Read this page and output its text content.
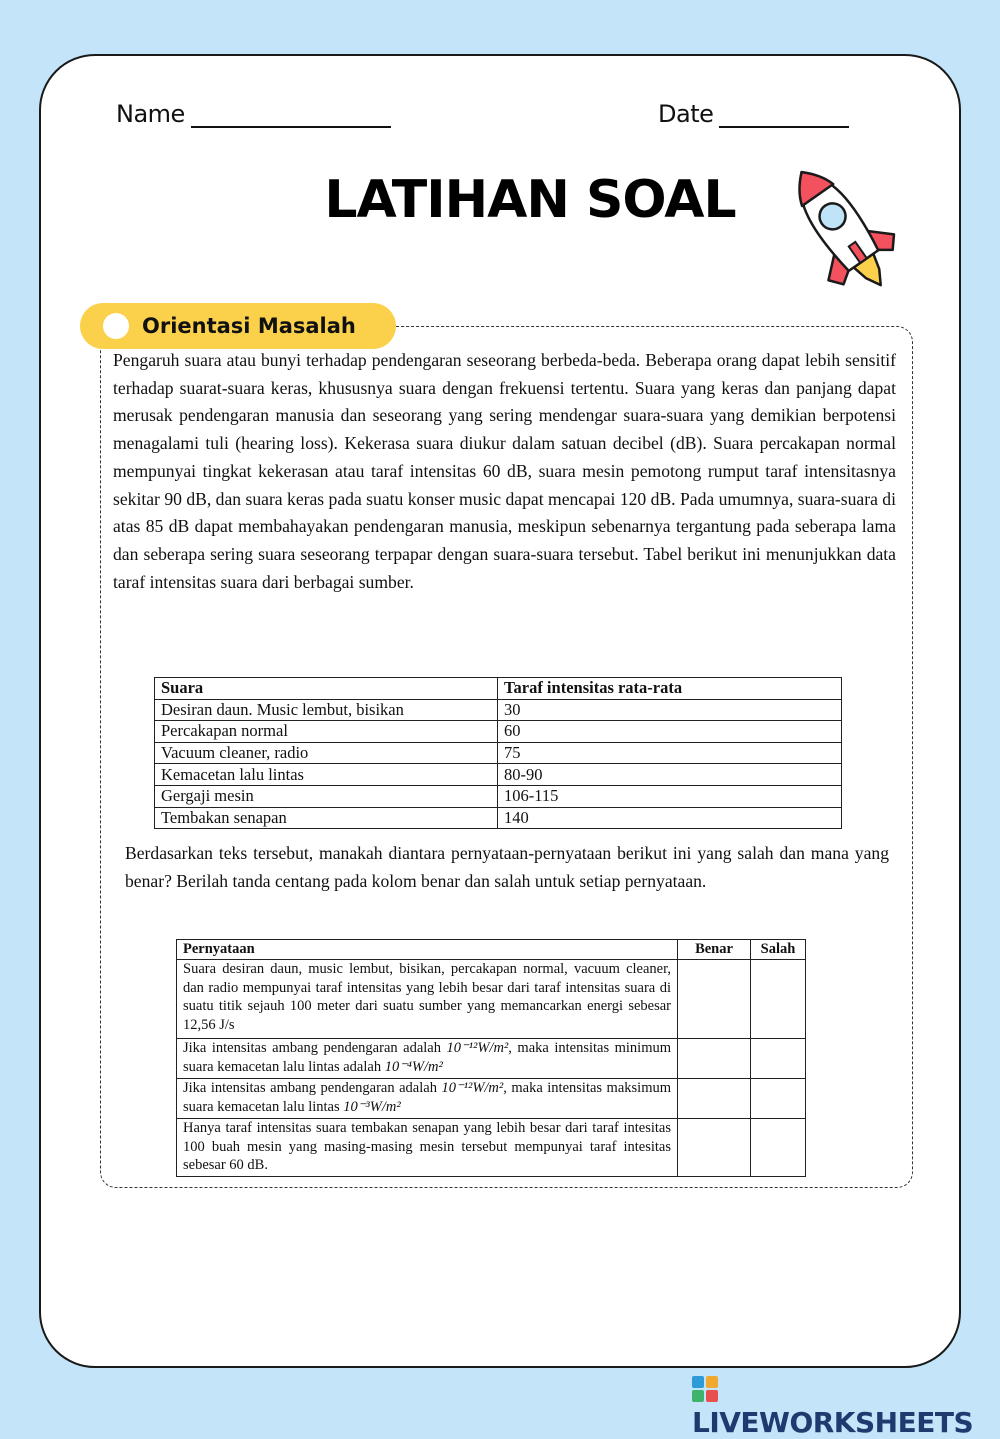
Name	Date
LATIHAN SOAL
Orientasi Masalah
Pengaruh suara atau bunyi terhadap pendengaran seseorang berbeda-beda. Beberapa orang dapat lebih sensitif terhadap suarat-suara keras, khususnya suara dengan frekuensi tertentu. Suara yang keras dan panjang dapat merusak pendengaran manusia dan seseorang yang sering mendengar suara-suara yang demikian berpotensi menagalami tuli (hearing loss). Kekerasa suara diukur dalam satuan decibel (dB). Suara percakapan normal mempunyai tingkat kekerasan atau taraf intensitas 60 dB, suara mesin pemotong rumput taraf intensitasnya sekitar 90 dB, dan suara keras pada suatu konser music dapat mencapai 120 dB. Pada umumnya, suara-suara di atas 85 dB dapat membahayakan pendengaran manusia, meskipun sebenarnya tergantung pada seberapa lama dan seberapa sering suara seseorang terpapar dengan suara-suara tersebut. Tabel berikut ini menunjukkan data taraf intensitas suara dari berbagai sumber.
Suara	Taraf intensitas rata-rata
Desiran daun. Music lembut, bisikan	30
Percakapan normal	60
Vacuum cleaner, radio	75
Kemacetan lalu lintas	80-90
Gergaji mesin	106-115
Tembakan senapan	140
Berdasarkan teks tersebut, manakah diantara pernyataan-pernyataan berikut ini yang salah dan mana yang benar? Berilah tanda centang pada kolom benar dan salah untuk setiap pernyataan.
Pernyataan	Benar	Salah
Suara desiran daun, music lembut, bisikan, percakapan normal, vacuum cleaner, dan radio mempunyai taraf intensitas yang lebih besar dari taraf intensitas suara di suatu titik sejauh 100 meter dari suatu sumber yang memancarkan energi sebesar 12,56 J/s		
Jika intensitas ambang pendengaran adalah 10⁻¹²W/m², maka intensitas minimum suara kemacetan lalu lintas adalah 10⁻⁴W/m²		
Jika intensitas ambang pendengaran adalah 10⁻¹²W/m², maka intensitas maksimum suara kemacetan lalu lintas 10⁻³W/m²		
Hanya taraf intensitas suara tembakan senapan yang lebih besar dari taraf intesitas 100 buah mesin yang masing-masing mesin tersebut mempunyai taraf intesitas sebesar 60 dB.		
LIVEWORKSHEETS
